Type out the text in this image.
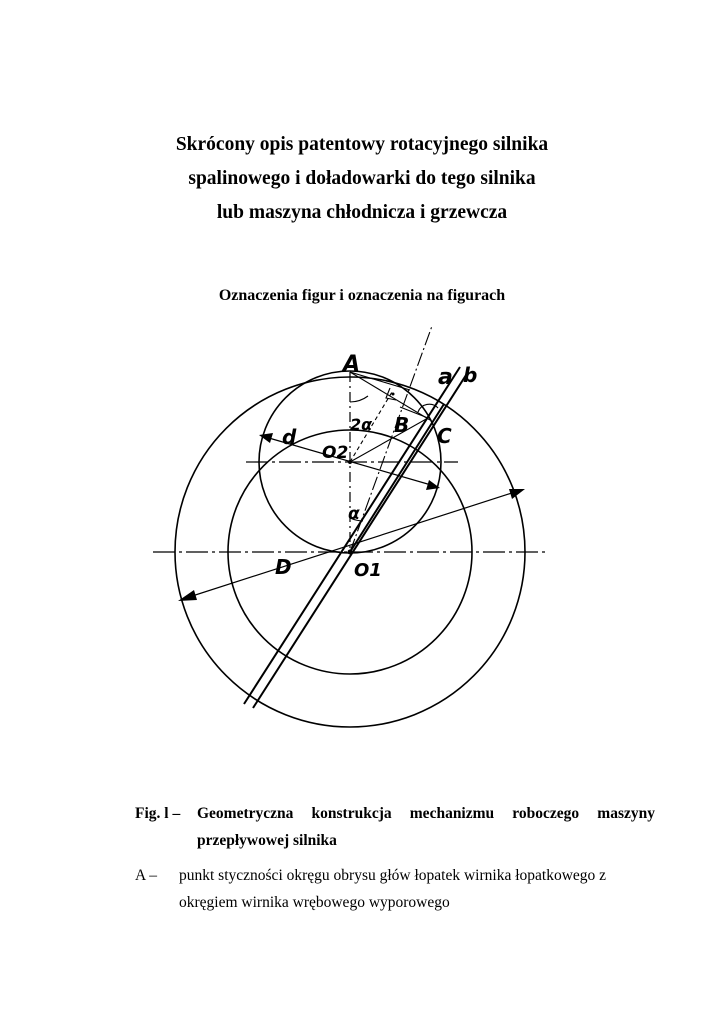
Skrócony opis patentowy rotacyjnego silnika
spalinowego i doładowarki do tego silnika
lub maszyna chłodnicza i grzewcza
Oznaczenia figur i oznaczenia na figurach
A
a b
B C
2α
d
O2
α
D	O1
Fig. l – Geometryczna konstrukcja mechanizmu roboczego maszyny
przepływowej silnika
A – punkt styczności okręgu obrysu głów łopatek wirnika łopatkowego z
okręgiem wirnika wrębowego wyporowego
